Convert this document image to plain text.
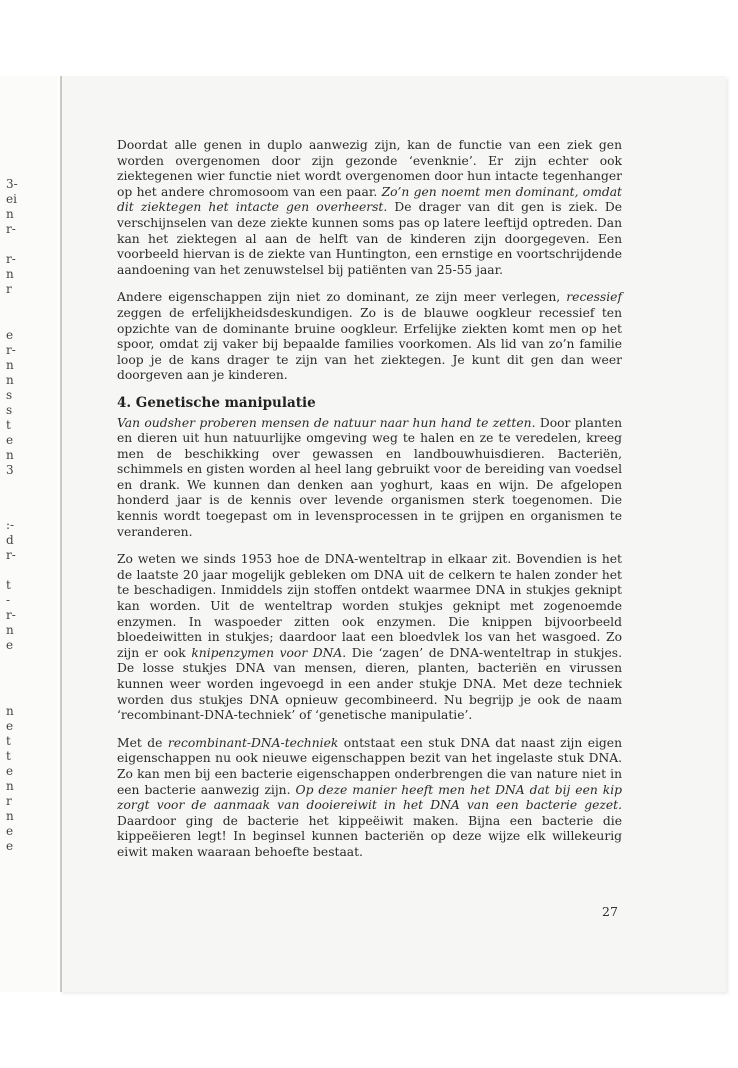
3-
ei
n
r-
r-
n
r
e
r-
n
n
s
s
t
e
n
3
:-
d
r-
t
-
r-
n
e
n
e
t
t
e
n
r
n
e
e

Doordat alle genen in duplo aanwezig zijn, kan de functie van een ziek gen worden overgenomen door zijn gezonde ‘evenknie’. Er zijn echter ook ziektegenen wier functie niet wordt overgenomen door hun intacte tegenhanger op het andere chromosoom van een paar. Zo’n gen noemt men dominant, omdat dit ziektegen het intacte gen overheerst. De drager van dit gen is ziek. De verschijnselen van deze ziekte kunnen soms pas op latere leeftijd optreden. Dan kan het ziektegen al aan de helft van de kinderen zijn doorgegeven. Een voorbeeld hiervan is de ziekte van Huntington, een ernstige en voortschrijdende aandoening van het zenuwstelsel bij patiënten van 25-55 jaar.

Andere eigenschappen zijn niet zo dominant, ze zijn meer verlegen, recessief zeggen de erfelijkheidsdeskundigen. Zo is de blauwe oogkleur recessief ten opzichte van de dominante bruine oogkleur. Erfelijke ziekten komt men op het spoor, omdat zij vaker bij bepaalde families voorkomen. Als lid van zo’n familie loop je de kans drager te zijn van het ziektegen. Je kunt dit gen dan weer doorgeven aan je kinderen.

4. Genetische manipulatie

Van oudsher proberen mensen de natuur naar hun hand te zetten. Door planten en dieren uit hun natuurlijke omgeving weg te halen en ze te veredelen, kreeg men de beschikking over gewassen en landbouwhuisdieren. Bacteriën, schimmels en gisten worden al heel lang gebruikt voor de bereiding van voedsel en drank. We kunnen dan denken aan yoghurt, kaas en wijn. De afgelopen honderd jaar is de kennis over levende organismen sterk toegenomen. Die kennis wordt toegepast om in levensprocessen in te grijpen en organismen te veranderen.

Zo weten we sinds 1953 hoe de DNA-wenteltrap in elkaar zit. Bovendien is het de laatste 20 jaar mogelijk gebleken om DNA uit de celkern te halen zonder het te beschadigen. Inmiddels zijn stoffen ontdekt waarmee DNA in stukjes geknipt kan worden. Uit de wenteltrap worden stukjes geknipt met zogenoemde enzymen. In waspoeder zitten ook enzymen. Die knippen bijvoorbeeld bloedeiwitten in stukjes; daardoor laat een bloedvlek los van het wasgoed. Zo zijn er ook knipenzymen voor DNA. Die ‘zagen’ de DNA-wenteltrap in stukjes. De losse stukjes DNA van mensen, dieren, planten, bacteriën en virussen kunnen weer worden ingevoegd in een ander stukje DNA. Met deze techniek worden dus stukjes DNA opnieuw gecombineerd. Nu begrijp je ook de naam ‘recombinant-DNA-techniek’ of ‘genetische manipulatie’.

Met de recombinant-DNA-techniek ontstaat een stuk DNA dat naast zijn eigen eigenschappen nu ook nieuwe eigenschappen bezit van het ingelaste stuk DNA. Zo kan men bij een bacterie eigenschappen onderbrengen die van nature niet in een bacterie aanwezig zijn. Op deze manier heeft men het DNA dat bij een kip zorgt voor de aanmaak van dooiereiwit in het DNA van een bacterie gezet. Daardoor ging de bacterie het kippeëiwit maken. Bijna een bacterie die kippeëieren legt! In beginsel kunnen bacteriën op deze wijze elk willekeurig eiwit maken waaraan behoefte bestaat.

27
